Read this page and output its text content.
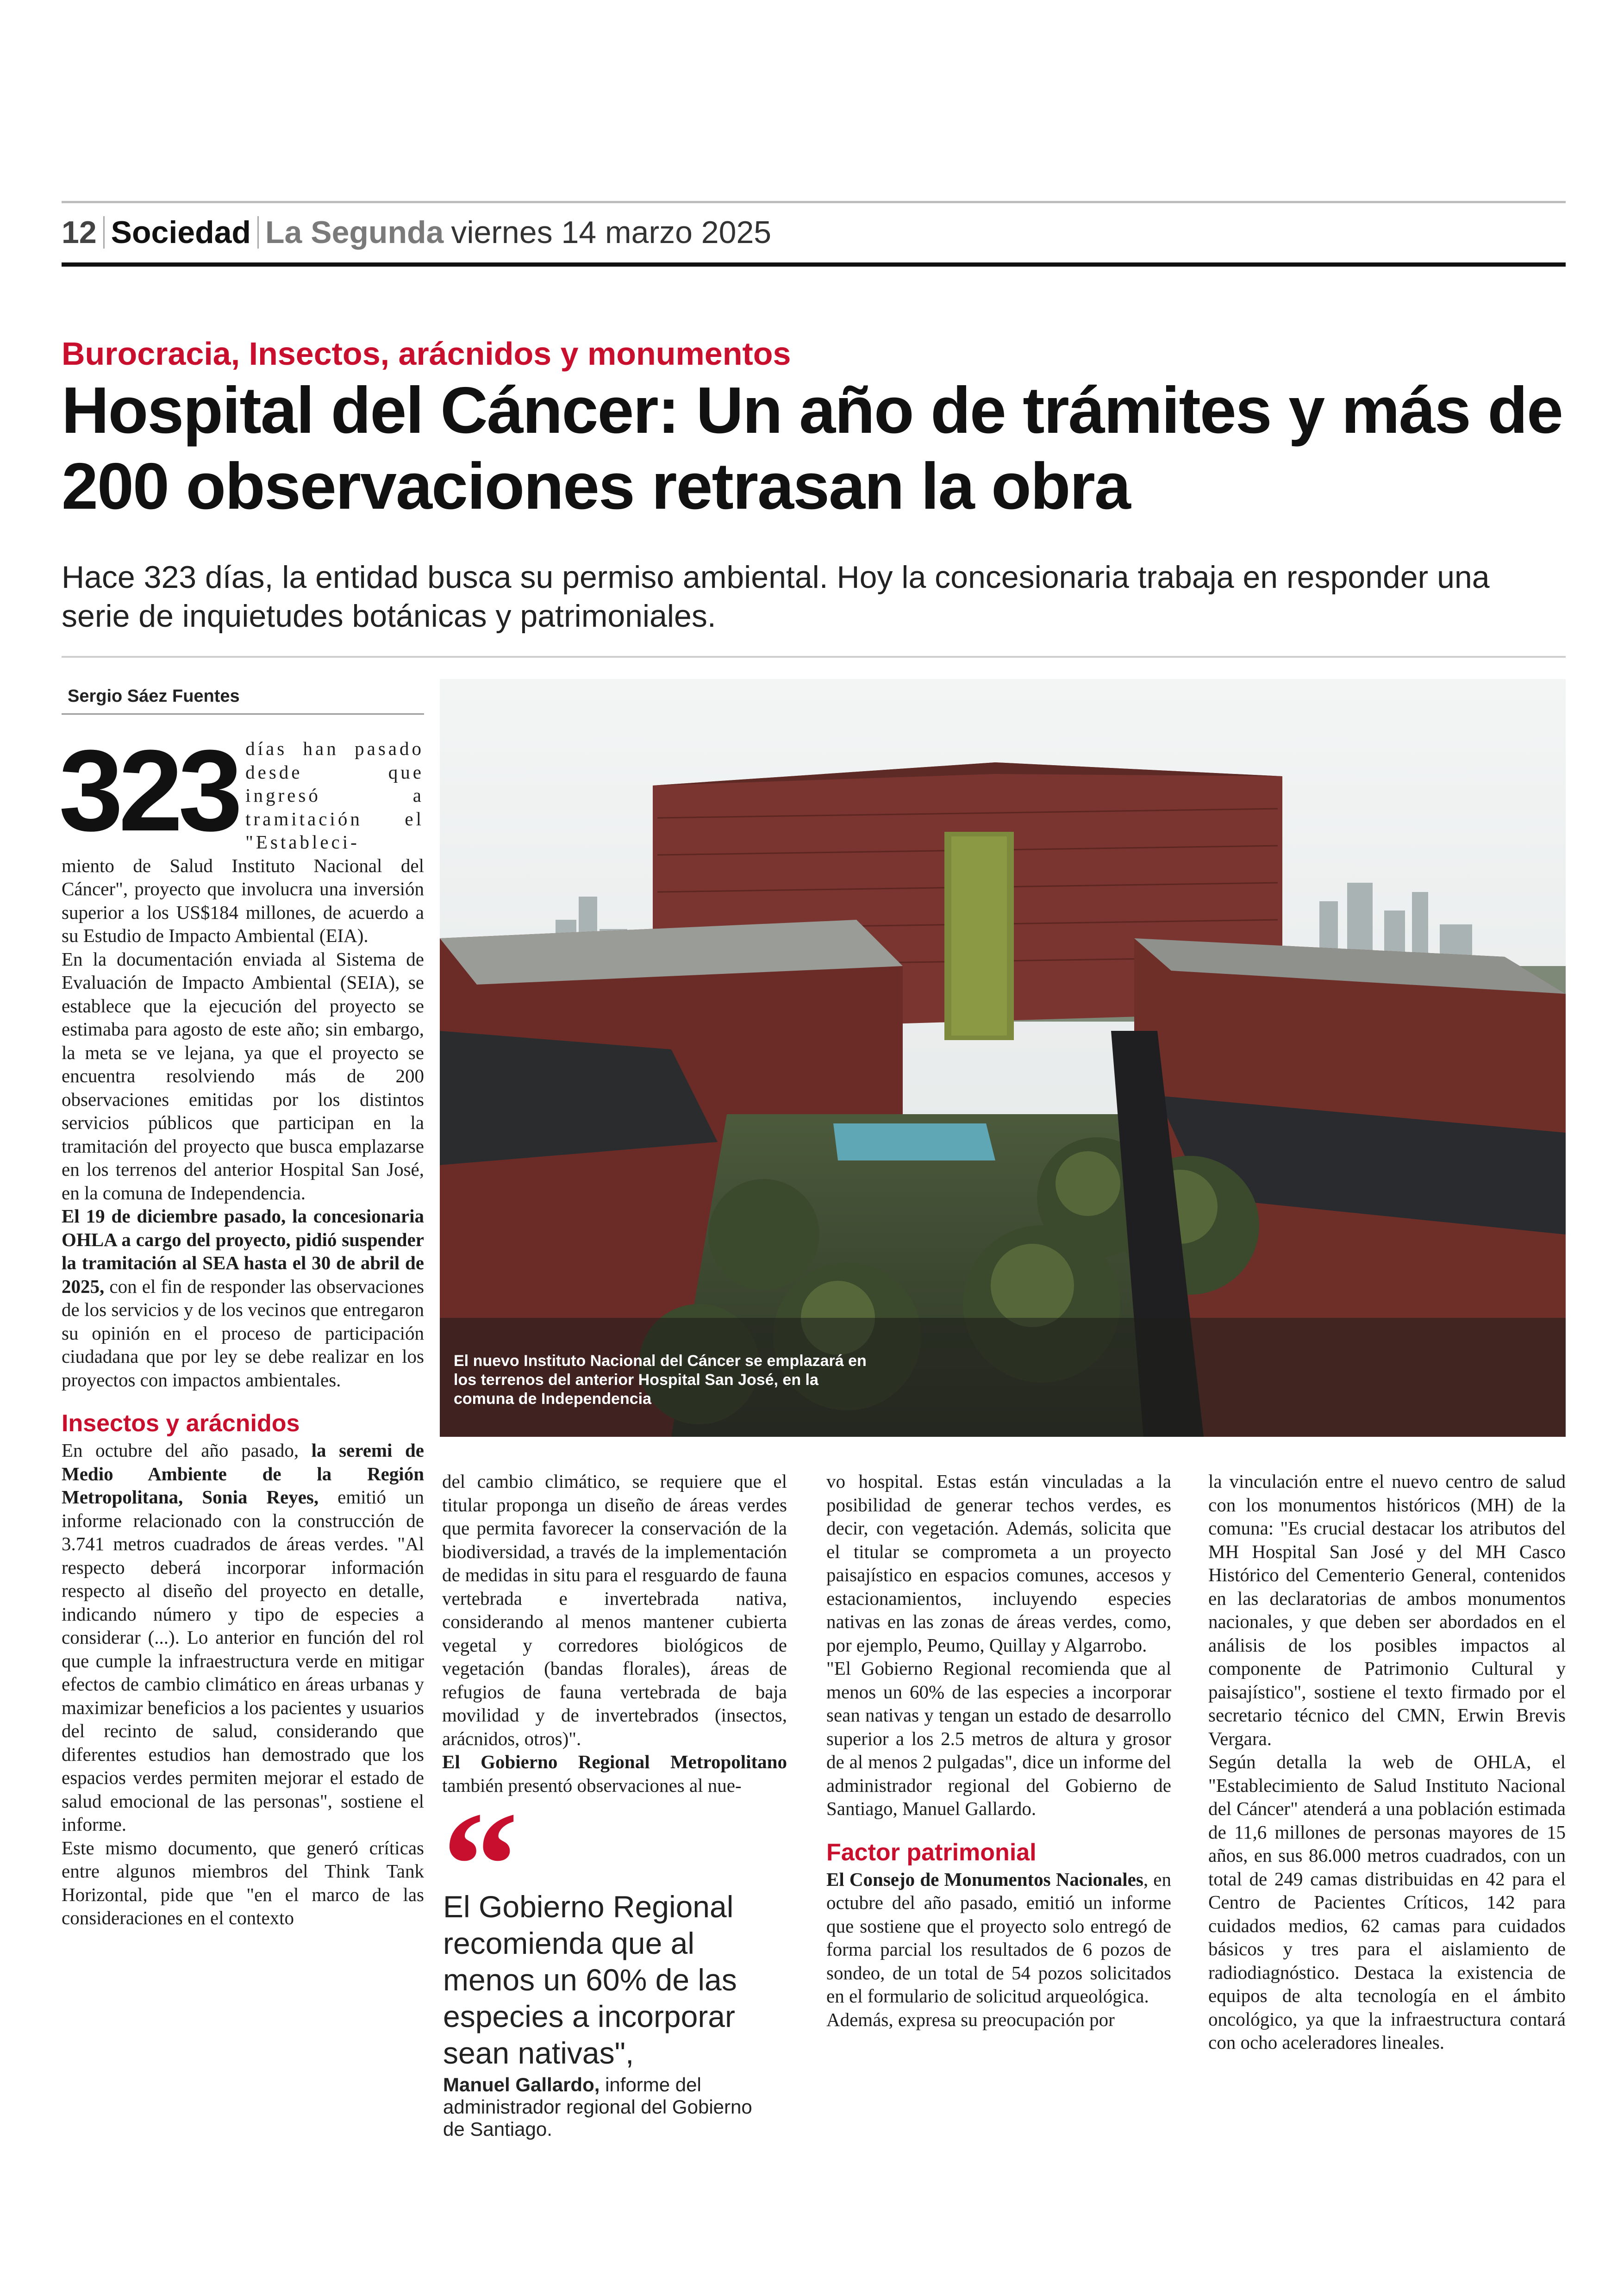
12 Sociedad La Segunda viernes 14 marzo 2025
Burocracia, Insectos, arácnidos y monumentos
Hospital del Cáncer: Un año de trámites y más de 200 observaciones retrasan la obra
Hace 323 días, la entidad busca su permiso ambiental. Hoy la concesionaria trabaja en responder una serie de inquietudes botánicas y patrimoniales.
Sergio Sáez Fuentes
323 días han pasado desde que ingresó a tramitación el "Estableci-

miento de Salud Instituto Nacional del Cáncer", proyecto que involucra una inversión superior a los US$184 millones, de acuerdo a su Estudio de Impacto Ambiental (EIA).

En la documentación enviada al Sistema de Evaluación de Impacto Ambiental (SEIA), se establece que la ejecución del proyecto se estimaba para agosto de este año; sin embargo, la meta se ve lejana, ya que el proyecto se encuentra resolviendo más de 200 observaciones emitidas por los distintos servicios públicos que participan en la tramitación del proyecto que busca emplazarse en los terrenos del anterior Hospital San José, en la comuna de Independencia.

El 19 de diciembre pasado, la concesionaria OHLA a cargo del proyecto, pidió suspender la tramitación al SEA hasta el 30 de abril de 2025, con el fin de responder las observaciones de los servicios y de los vecinos que entregaron su opinión en el proceso de participación ciudadana que por ley se debe realizar en los proyectos con impactos ambientales.

Insectos y arácnidos

En octubre del año pasado, la seremi de Medio Ambiente de la Región Metropolitana, Sonia Reyes, emitió un informe relacionado con la construcción de 3.741 metros cuadrados de áreas verdes. "Al respecto deberá incorporar información respecto al diseño del proyecto en detalle, indicando número y tipo de especies a considerar (...). Lo anterior en función del rol que cumple la infraestructura verde en mitigar efectos de cambio climático en áreas urbanas y maximizar beneficios a los pacientes y usuarios del recinto de salud, considerando que diferentes estudios han demostrado que los espacios verdes permiten mejorar el estado de salud emocional de las personas", sostiene el informe.

Este mismo documento, que generó críticas entre algunos miembros del Think Tank Horizontal, pide que "en el marco de las consideraciones en el contexto

El nuevo Instituto Nacional del Cáncer se emplazará en los terrenos del anterior Hospital San José, en la comuna de Independencia

del cambio climático, se requiere que el titular proponga un diseño de áreas verdes que permita favorecer la conservación de la biodiversidad, a través de la implementación de medidas in situ para el resguardo de fauna vertebrada e invertebrada nativa, considerando al menos mantener cubierta vegetal y corredores biológicos de vegetación (bandas florales), áreas de refugios de fauna vertebrada de baja movilidad y de invertebrados (insectos, arácnidos, otros)".

El Gobierno Regional Metropolitano también presentó observaciones al nue-

“
El Gobierno Regional recomienda que al menos un 60% de las especies a incorporar sean nativas",
Manuel Gallardo, informe del administrador regional del Gobierno de Santiago.

vo hospital. Estas están vinculadas a la posibilidad de generar techos verdes, es decir, con vegetación. Además, solicita que el titular se comprometa a un proyecto paisajístico en espacios comunes, accesos y estacionamientos, incluyendo especies nativas en las zonas de áreas verdes, como, por ejemplo, Peumo, Quillay y Algarrobo.

"El Gobierno Regional recomienda que al menos un 60% de las especies a incorporar sean nativas y tengan un estado de desarrollo superior a los 2.5 metros de altura y grosor de al menos 2 pulgadas", dice un informe del administrador regional del Gobierno de Santiago, Manuel Gallardo.

Factor patrimonial

El Consejo de Monumentos Nacionales, en octubre del año pasado, emitió un informe que sostiene que el proyecto solo entregó de forma parcial los resultados de 6 pozos de sondeo, de un total de 54 pozos solicitados en el formulario de solicitud arqueológica.

Además, expresa su preocupación por

la vinculación entre el nuevo centro de salud con los monumentos históricos (MH) de la comuna: "Es crucial destacar los atributos del MH Hospital San José y del MH Casco Histórico del Cementerio General, contenidos en las declaratorias de ambos monumentos nacionales, y que deben ser abordados en el análisis de los posibles impactos al componente de Patrimonio Cultural y paisajístico", sostiene el texto firmado por el secretario técnico del CMN, Erwin Brevis Vergara.

Según detalla la web de OHLA, el "Establecimiento de Salud Instituto Nacional del Cáncer" atenderá a una población estimada de 11,6 millones de personas mayores de 15 años, en sus 86.000 metros cuadrados, con un total de 249 camas distribuidas en 42 para el Centro de Pacientes Críticos, 142 para cuidados medios, 62 camas para cuidados básicos y tres para el aislamiento de radiodiagnóstico. Destaca la existencia de equipos de alta tecnología en el ámbito oncológico, ya que la infraestructura contará con ocho aceleradores lineales.
